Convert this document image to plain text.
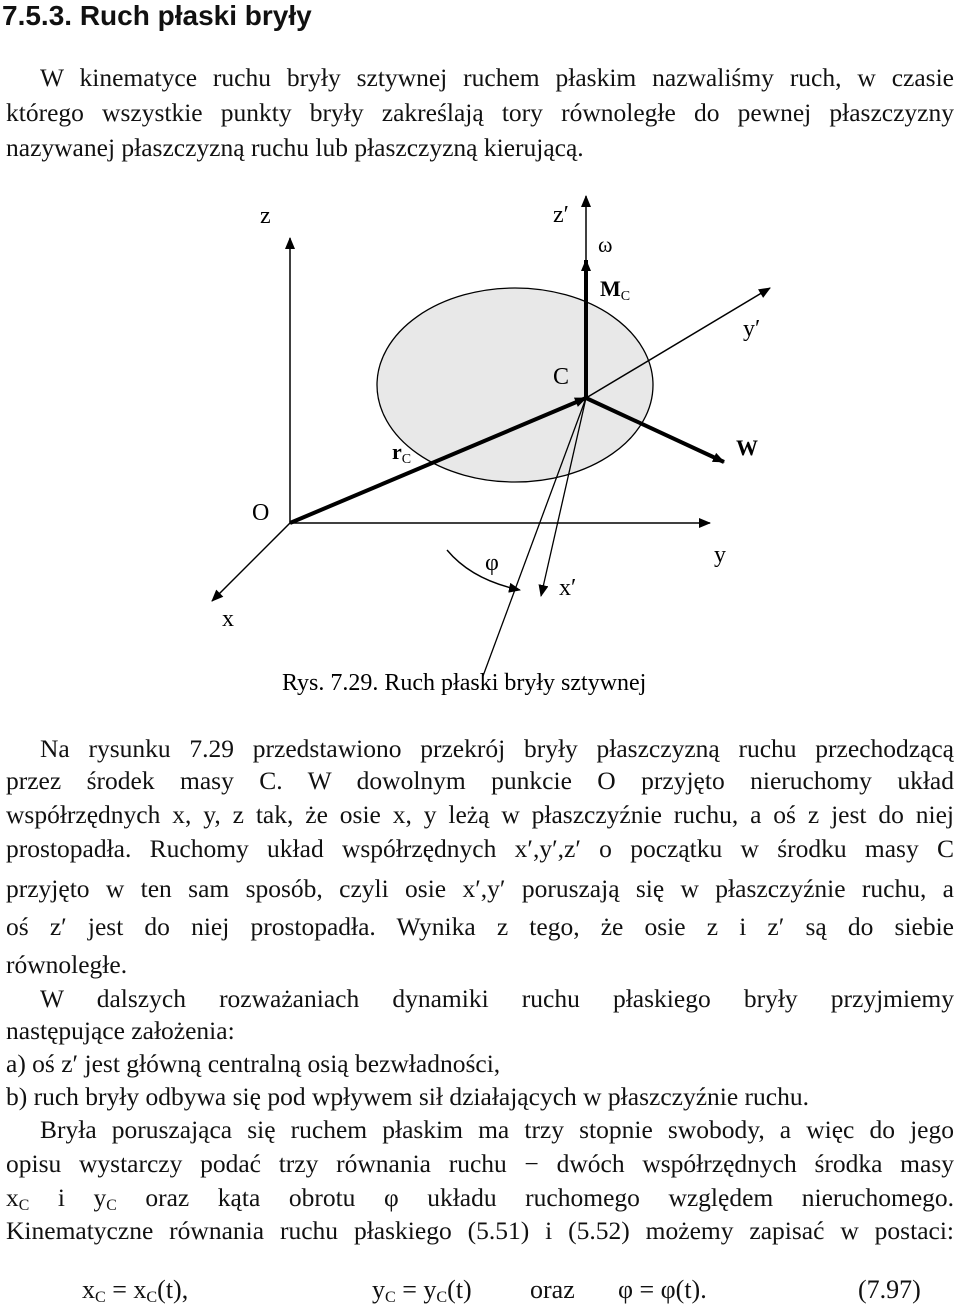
7.5.3. Ruch płaski bryły
W kinematyce ruchu bryły sztywnej ruchem płaskim nazwaliśmy ruch, w czasie
którego wszystkie punkty bryły zakreślają tory równoległe do pewnej płaszczyzny
nazywanej płaszczyzną ruchu lub płaszczyzną kierującą.
z	z′
ω
MC
y′
C
rC	W
O
φ	y
x′
x
Rys. 7.29. Ruch płaski bryły sztywnej
Na rysunku 7.29 przedstawiono przekrój bryły płaszczyzną ruchu przechodzącą
przez środek masy C. W dowolnym punkcie O przyjęto nieruchomy układ
współrzędnych x, y, z tak, że osie x, y leżą w płaszczyźnie ruchu, a oś z jest do niej
prostopadła. Ruchomy układ współrzędnych x′,y′,z′ o początku w środku masy C
przyjęto w ten sam sposób, czyli osie x′,y′ poruszają się w płaszczyźnie ruchu, a
oś z′ jest do niej prostopadła. Wynika z tego, że osie z i z′ są do siebie
równoległe.
W dalszych rozważaniach dynamiki ruchu płaskiego bryły przyjmiemy
następujące założenia:
a) oś z′ jest główną centralną osią bezwładności,
b) ruch bryły odbywa się pod wpływem sił działających w płaszczyźnie ruchu.
Bryła poruszająca się ruchem płaskim ma trzy stopnie swobody, a więc do jego
opisu wystarczy podać trzy równania ruchu − dwóch współrzędnych środka masy
$x_C$ i $y_C$ oraz kąta obrotu φ układu ruchomego względem nieruchomego.
Kinematyczne równania ruchu płaskiego (5.51) i (5.52) możemy zapisać w postaci:
$x_C = x_C(t)$,	$y_C = y_C(t)$ oraz φ = φ(t).	(7.97)
